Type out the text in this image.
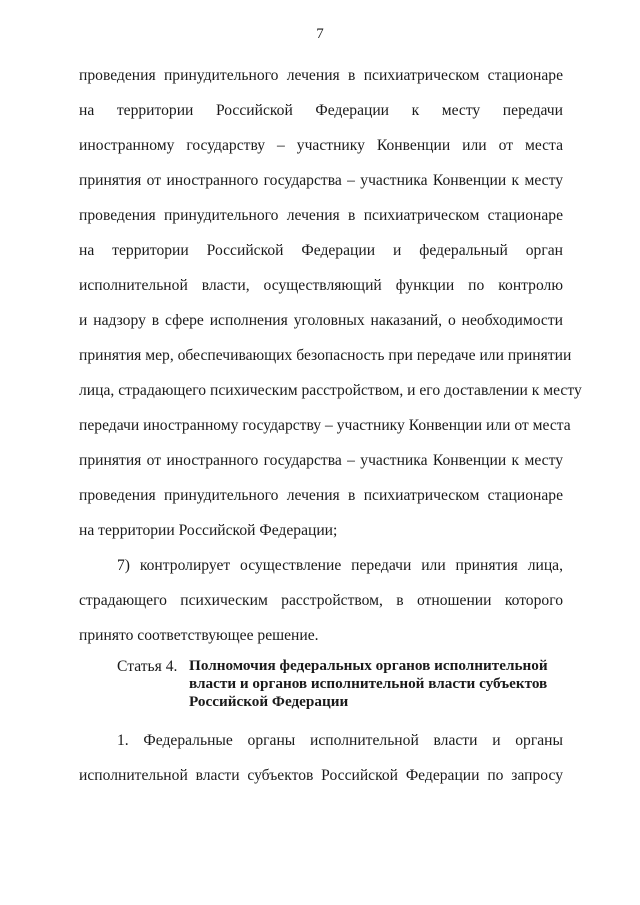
7
проведения принудительного лечения в психиатрическом стационаре
на территории Российской Федерации к месту передачи
иностранному государству – участнику Конвенции или от места
принятия от иностранного государства – участника Конвенции к месту
проведения принудительного лечения в психиатрическом стационаре
на территории Российской Федерации и федеральный орган
исполнительной власти, осуществляющий функции по контролю
и надзору в сфере исполнения уголовных наказаний, о необходимости
принятия мер, обеспечивающих безопасность при передаче или принятии
лица, страдающего психическим расстройством, и его доставлении к месту
передачи иностранному государству – участнику Конвенции или от места
принятия от иностранного государства – участника Конвенции к месту
проведения принудительного лечения в психиатрическом стационаре
на территории Российской Федерации;
7) контролирует осуществление передачи или принятия лица,
страдающего психическим расстройством, в отношении которого
принято соответствующее решение.
Статья 4. Полномочия федеральных органов исполнительной
власти и органов исполнительной власти субъектов
Российской Федерации
1. Федеральные органы исполнительной власти и органы
исполнительной власти субъектов Российской Федерации по запросу
